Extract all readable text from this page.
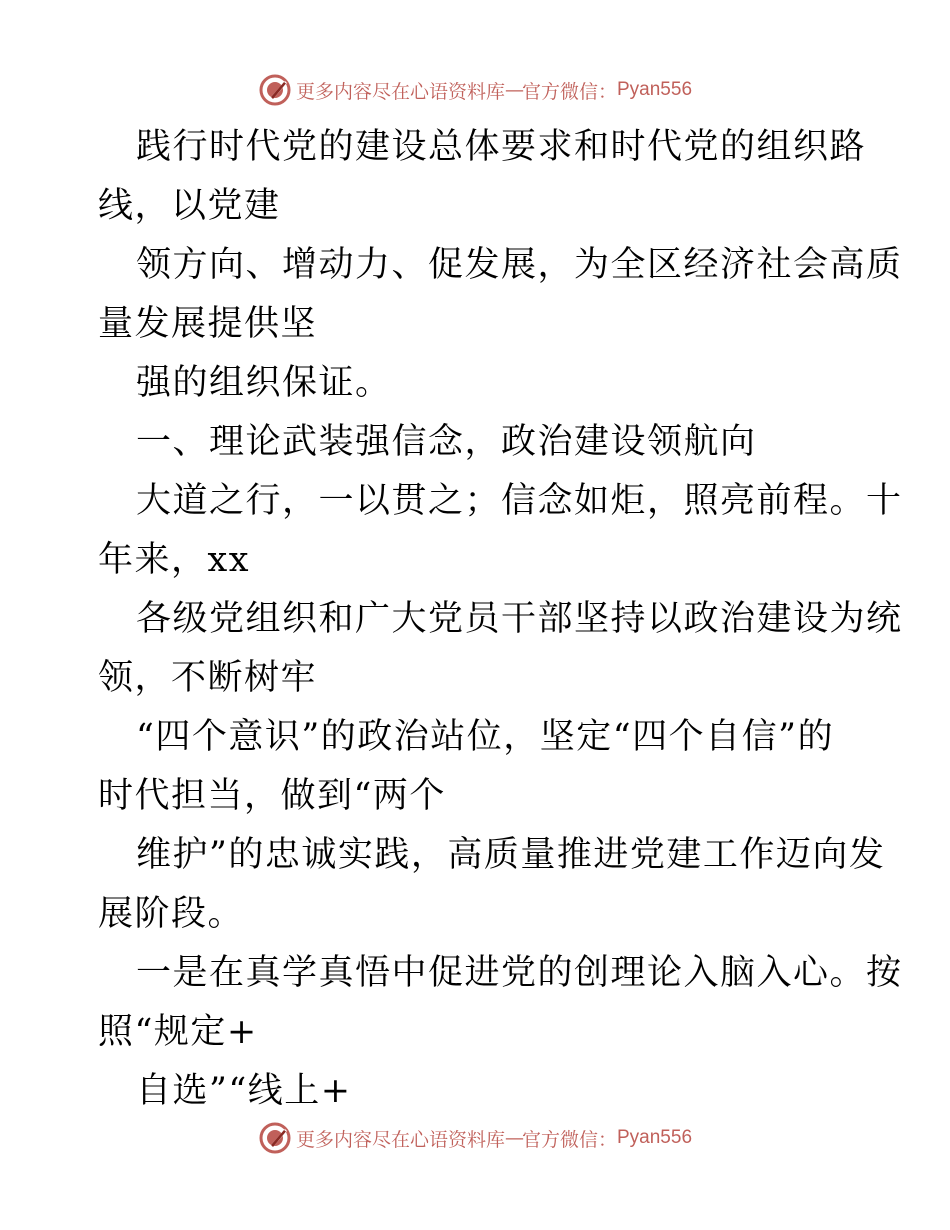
更多内容尽在心语资料库 — 官方微信： Pyan556
践行时代党的建设总体要求和时代党的组织路
线，以党建
领方向、增动力、促发展，为全区经济社会高质
量发展提供坚
强的组织保证。
一、理论武装强信念，政治建设领航向
大道之行，一以贯之；信念如炬，照亮前程。十
年来，xx
各级党组织和广大党员干部坚持以政治建设为统
领，不断树牢
“四个意识”的政治站位，坚定“四个自信”的
时代担当，做到“两个
维护”的忠诚实践，高质量推进党建工作迈向发
展阶段。
一是在真学真悟中促进党的创理论入脑入心。按
照“规定+
自选”“线上+
更多内容尽在心语资料库 — 官方微信： Pyan556
